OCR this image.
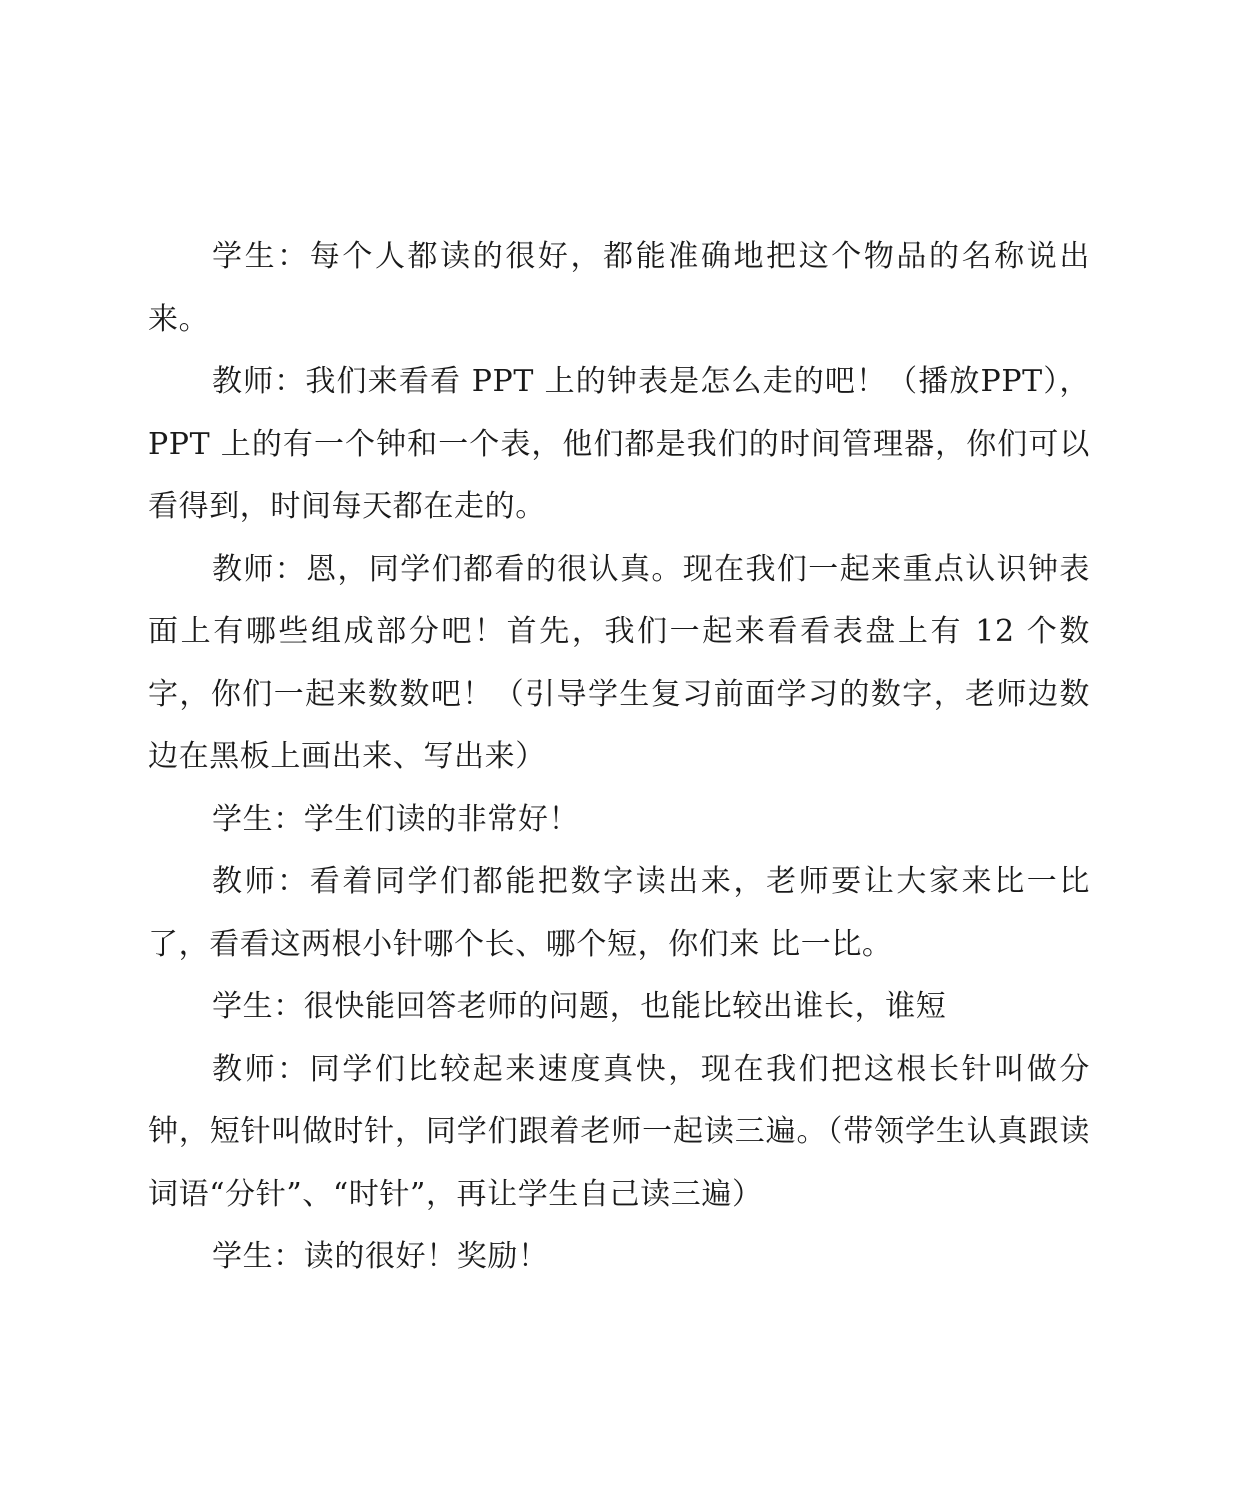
学生：每个人都读的很好，都能准确地把这个物品的名称说出来。

教师：我们来看看 PPT 上的钟表是怎么走的吧！（播放PPT），PPT 上的有一个钟和一个表，他们都是我们的时间管理器，你们可以看得到，时间每天都在走的。

教师：恩，同学们都看的很认真。现在我们一起来重点认识钟表面上有哪些组成部分吧！首先，我们一起来看看表盘上有 12 个数字，你们一起来数数吧！（引导学生复习前面学习的数字，老师边数边在黑板上画出来、写出来）

学生：学生们读的非常好！

教师：看着同学们都能把数字读出来，老师要让大家来比一比了，看看这两根小针哪个长、哪个短，你们来 比一比。

学生：很快能回答老师的问题，也能比较出谁长，谁短

教师：同学们比较起来速度真快，现在我们把这根长针叫做分钟，短针叫做时针，同学们跟着老师一起读三遍。（带领学生认真跟读词语“分针”、“时针”，再让学生自己读三遍）

学生：读的很好！奖励！
